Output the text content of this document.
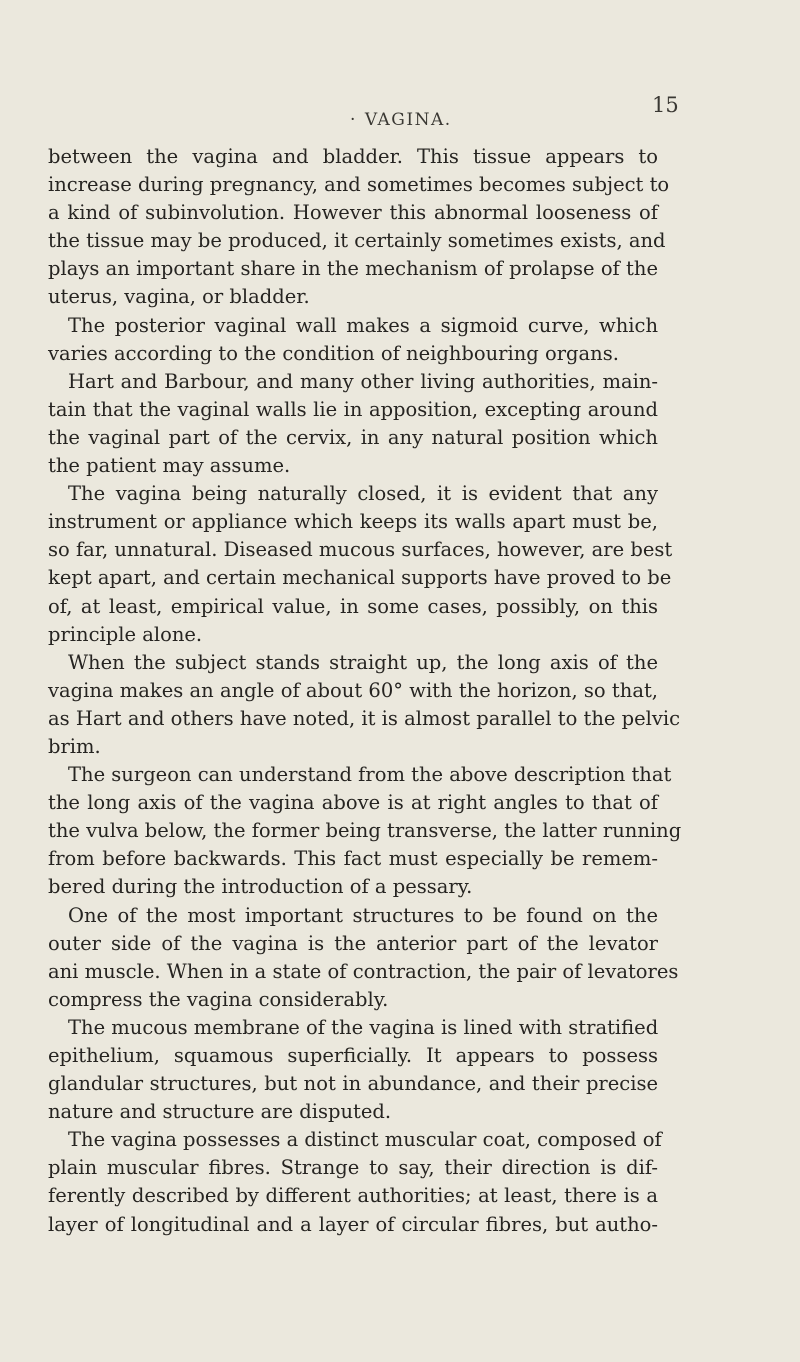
· VAGINA.
15
between the vagina and bladder. This tissue appears to
increase during pregnancy, and sometimes becomes subject to
a kind of subinvolution. However this abnormal looseness of
the tissue may be produced, it certainly sometimes exists, and
plays an important share in the mechanism of prolapse of the
uterus, vagina, or bladder.
The posterior vaginal wall makes a sigmoid curve, which
varies according to the condition of neighbouring organs.
Hart and Barbour, and many other living authorities, main-
tain that the vaginal walls lie in apposition, excepting around
the vaginal part of the cervix, in any natural position which
the patient may assume.
The vagina being naturally closed, it is evident that any
instrument or appliance which keeps its walls apart must be,
so far, unnatural. Diseased mucous surfaces, however, are best
kept apart, and certain mechanical supports have proved to be
of, at least, empirical value, in some cases, possibly, on this
principle alone.
When the subject stands straight up, the long axis of the
vagina makes an angle of about 60° with the horizon, so that,
as Hart and others have noted, it is almost parallel to the pelvic
brim.
The surgeon can understand from the above description that
the long axis of the vagina above is at right angles to that of
the vulva below, the former being transverse, the latter running
from before backwards. This fact must especially be remem-
bered during the introduction of a pessary.
One of the most important structures to be found on the
outer side of the vagina is the anterior part of the levator
ani muscle. When in a state of contraction, the pair of levatores
compress the vagina considerably.
The mucous membrane of the vagina is lined with stratified
epithelium, squamous superficially. It appears to possess
glandular structures, but not in abundance, and their precise
nature and structure are disputed.
The vagina possesses a distinct muscular coat, composed of
plain muscular fibres. Strange to say, their direction is dif-
ferently described by different authorities; at least, there is a
layer of longitudinal and a layer of circular fibres, but autho-
